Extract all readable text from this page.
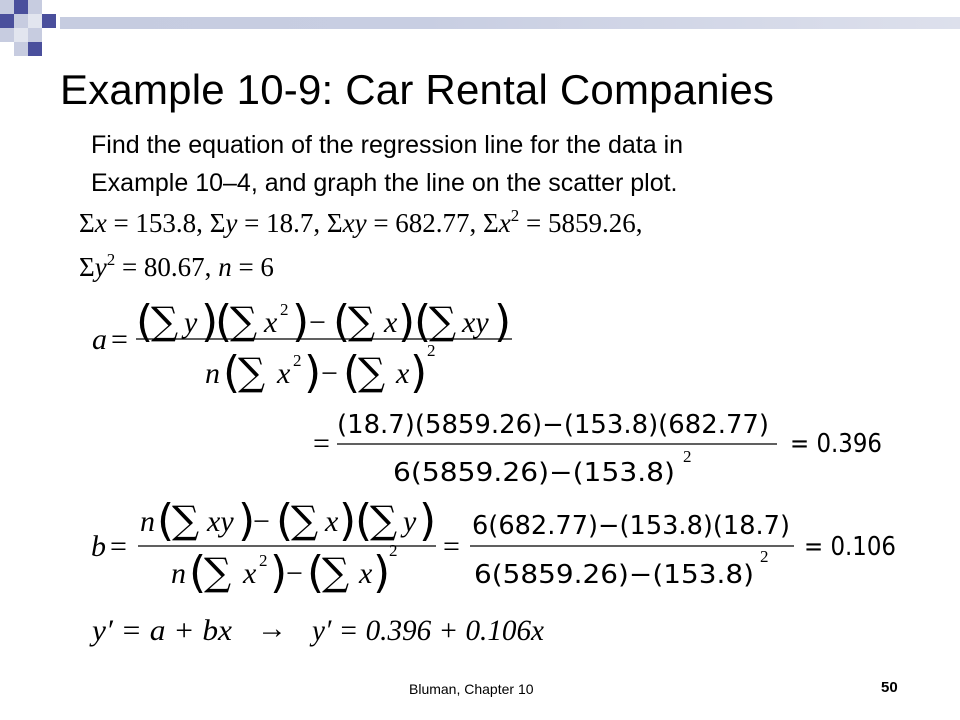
Example 10-9: Car Rental Companies

Find the equation of the regression line for the data in

Example 10–4, and graph the line on the scatter plot.

Σx = 153.8, Σy = 18.7, Σxy = 682.77, $\Sigma x^2 = 5859.26$,
$\Sigma y^2 = 80.67$, n = 6
a = (
∑ y )
(
∑ x 2 ) − (
∑ x )
(
∑ xy )
n (
∑ x 2 ) − (
∑ x ) 2
=
(18.7)(5859.26)−(153.8)(682.77)
6(5859.26)−(153.8)
2	= 0.396
b =
n (
∑ xy )
− (
∑ x )
(
∑ y )
n (
∑ x 2 )
− (
∑ x )
2 =
6(682.77)−(153.8)(18.7)
6(5859.26)−(153.8)
2 = 0.106
y′ = a + bx → y′ = 0.396 + 0.106x
Bluman, Chapter 10	50
